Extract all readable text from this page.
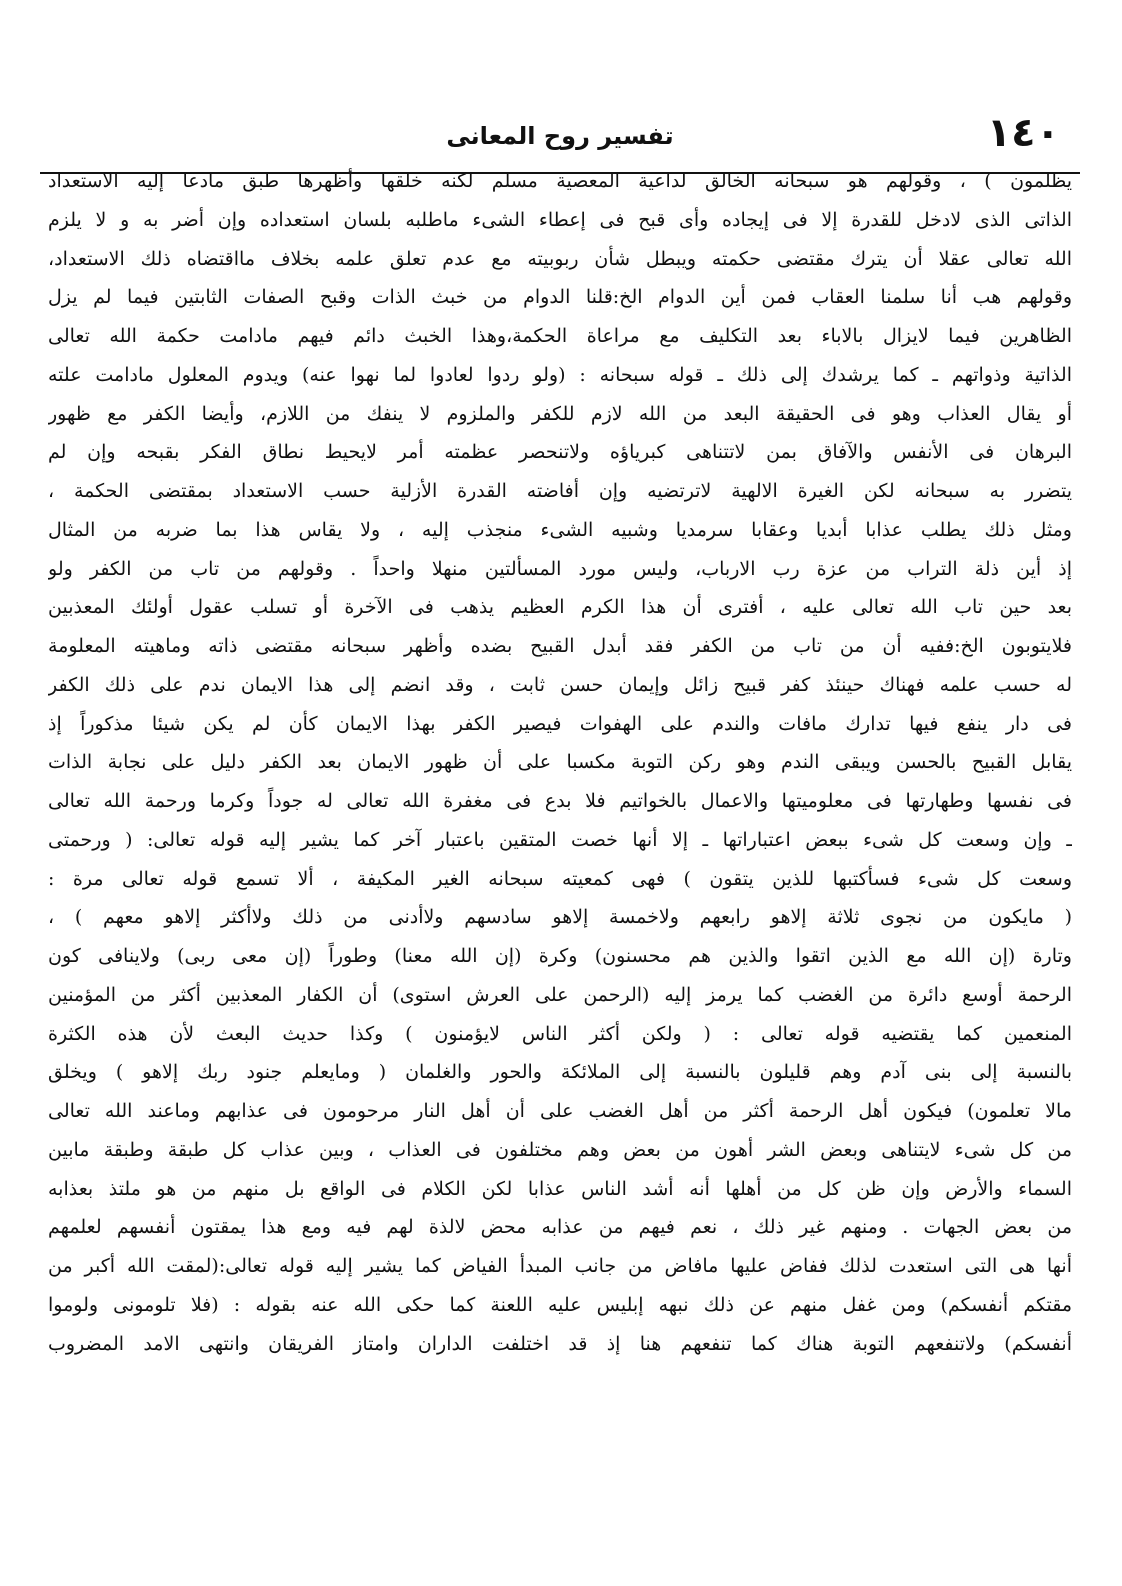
١٤٠
تفسير روح المعانى
يظلمون ) ، وقولهم هو سبحانه الخالق لداعية المعصية مسلم لكنه خلقها وأظهرها طبق مادعا إليه الاستعداد
الذاتى الذى لادخل للقدرة إلا فى إيجاده وأى قبح فى إعطاء الشىء ماطلبه بلسان استعداده وإن أضر به و لا يلزم
الله تعالى عقلا أن يترك مقتضى حكمته ويبطل شأن ربوبيته مع عدم تعلق علمه بخلاف مااقتضاه ذلك الاستعداد،
وقولهم هب أنا سلمنا العقاب فمن أين الدوام الخ:قلنا الدوام من خبث الذات وقبح الصفات الثابتين فيما لم يزل
الظاهرين فيما لايزال بالاباء بعد التكليف مع مراعاة الحكمة،وهذا الخبث دائم فيهم مادامت حكمة الله تعالى
الذاتية وذواتهم ـ كما يرشدك إلى ذلك ـ قوله سبحانه : (ولو ردوا لعادوا لما نهوا عنه) ويدوم المعلول مادامت علته
أو يقال العذاب وهو فى الحقيقة البعد من الله لازم للكفر والملزوم لا ينفك من اللازم، وأيضا الكفر مع ظهور
البرهان فى الأنفس والآفاق بمن لاتتناهى كبرياؤه ولاتنحصر عظمته أمر لايحيط نطاق الفكر بقبحه وإن لم
يتضرر به سبحانه لكن الغيرة الالهية لاترتضيه وإن أفاضته القدرة الأزلية حسب الاستعداد بمقتضى الحكمة ،
ومثل ذلك يطلب عذابا أبديا وعقابا سرمديا وشبيه الشىء منجذب إليه ، ولا يقاس هذا بما ضربه من المثال
إذ أين ذلة التراب من عزة رب الارباب، وليس مورد المسألتين منهلا واحداً . وقولهم من تاب من الكفر ولو
بعد حين تاب الله تعالى عليه ، أفترى أن هذا الكرم العظيم يذهب فى الآخرة أو تسلب عقول أولئك المعذبين
فلايتوبون الخ:ففيه أن من تاب من الكفر فقد أبدل القبيح بضده وأظهر سبحانه مقتضى ذاته وماهيته المعلومة
له حسب علمه فهناك حينئذ كفر قبيح زائل وإيمان حسن ثابت ، وقد انضم إلى هذا الايمان ندم على ذلك الكفر
فى دار ينفع فيها تدارك مافات والندم على الهفوات فيصير الكفر بهذا الايمان كأن لم يكن شيئا مذكوراً إذ
يقابل القبيح بالحسن ويبقى الندم وهو ركن التوبة مكسبا على أن ظهور الايمان بعد الكفر دليل على نجابة الذات
فى نفسها وطهارتها فى معلوميتها والاعمال بالخواتيم فلا بدع فى مغفرة الله تعالى له جوداً وكرما ورحمة الله تعالى
ـ وإن وسعت كل شىء ببعض اعتباراتها ـ إلا أنها خصت المتقين باعتبار آخر كما يشير إليه قوله تعالى: ( ورحمتى
وسعت كل شىء فسأكتبها للذين يتقون ) فهى كمعيته سبحانه الغير المكيفة ، ألا تسمع قوله تعالى مرة :
( مايكون من نجوى ثلاثة إلاهو رابعهم ولاخمسة إلاهو سادسهم ولاأدنى من ذلك ولاأكثر إلاهو معهم ) ،
وتارة (إن الله مع الذين اتقوا والذين هم محسنون) وكرة (إن الله معنا) وطوراً (إن معى ربى) ولاينافى كون
الرحمة أوسع دائرة من الغضب كما يرمز إليه (الرحمن على العرش استوى) أن الكفار المعذبين أكثر من المؤمنين
المنعمين كما يقتضيه قوله تعالى : ( ولكن أكثر الناس لايؤمنون ) وكذا حديث البعث لأن هذه الكثرة
بالنسبة إلى بنى آدم وهم قليلون بالنسبة إلى الملائكة والحور والغلمان ( ومايعلم جنود ربك إلاهو ) ويخلق
مالا تعلمون) فيكون أهل الرحمة أكثر من أهل الغضب على أن أهل النار مرحومون فى عذابهم وماعند الله تعالى
من كل شىء لايتناهى وبعض الشر أهون من بعض وهم مختلفون فى العذاب ، وبين عذاب كل طبقة وطبقة مابين
السماء والأرض وإن ظن كل من أهلها أنه أشد الناس عذابا لكن الكلام فى الواقع بل منهم من هو ملتذ بعذابه
من بعض الجهات . ومنهم غير ذلك ، نعم فيهم من عذابه محض لالذة لهم فيه ومع هذا يمقتون أنفسهم لعلمهم
أنها هى التى استعدت لذلك ففاض عليها مافاض من جانب المبدأ الفياض كما يشير إليه قوله تعالى:(لمقت الله أكبر من
مقتكم أنفسكم) ومن غفل منهم عن ذلك نبهه إبليس عليه اللعنة كما حكى الله عنه بقوله : (فلا تلومونى ولوموا
أنفسكم) ولاتنفعهم التوبة هناك كما تنفعهم هنا إذ قد اختلفت الداران وامتاز الفريقان وانتهى الامد المضروب
